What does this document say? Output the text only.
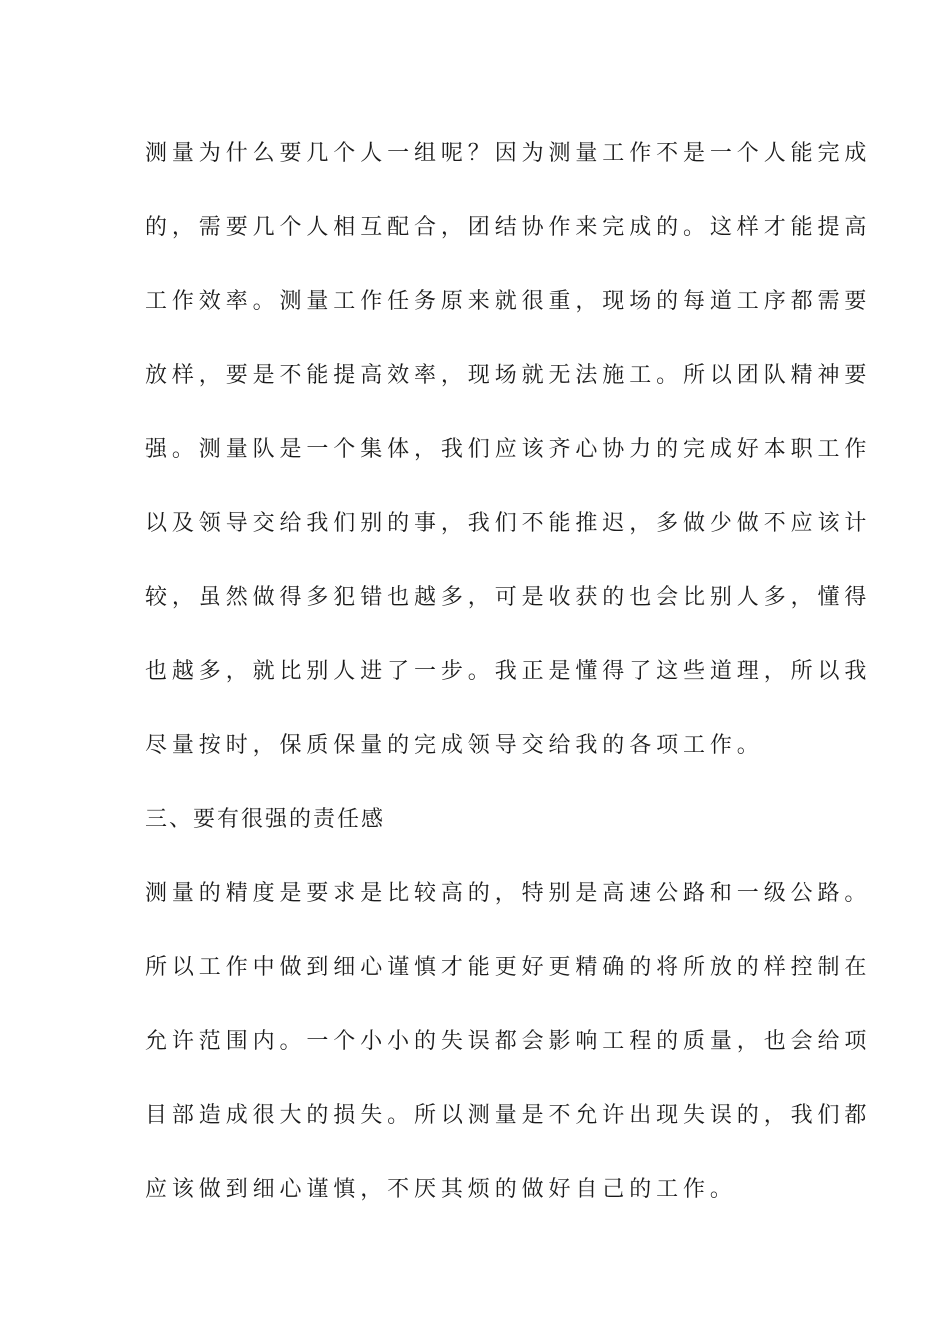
测量为什么要几个人一组呢？因为测量工作不是一个人能完成
的，需要几个人相互配合，团结协作来完成的。这样才能提高
工作效率。测量工作任务原来就很重，现场的每道工序都需要
放样，要是不能提高效率，现场就无法施工。所以团队精神要
强。测量队是一个集体，我们应该齐心协力的完成好本职工作
以及领导交给我们别的事，我们不能推迟，多做少做不应该计
较，虽然做得多犯错也越多，可是收获的也会比别人多，懂得
也越多，就比别人进了一步。我正是懂得了这些道理，所以我
尽量按时，保质保量的完成领导交给我的各项工作。
三、要有很强的责任感
测量的精度是要求是比较高的，特别是高速公路和一级公路。
所以工作中做到细心谨慎才能更好更精确的将所放的样控制在
允许范围内。一个小小的失误都会影响工程的质量，也会给项
目部造成很大的损失。所以测量是不允许出现失误的，我们都
应该做到细心谨慎，不厌其烦的做好自己的工作。
